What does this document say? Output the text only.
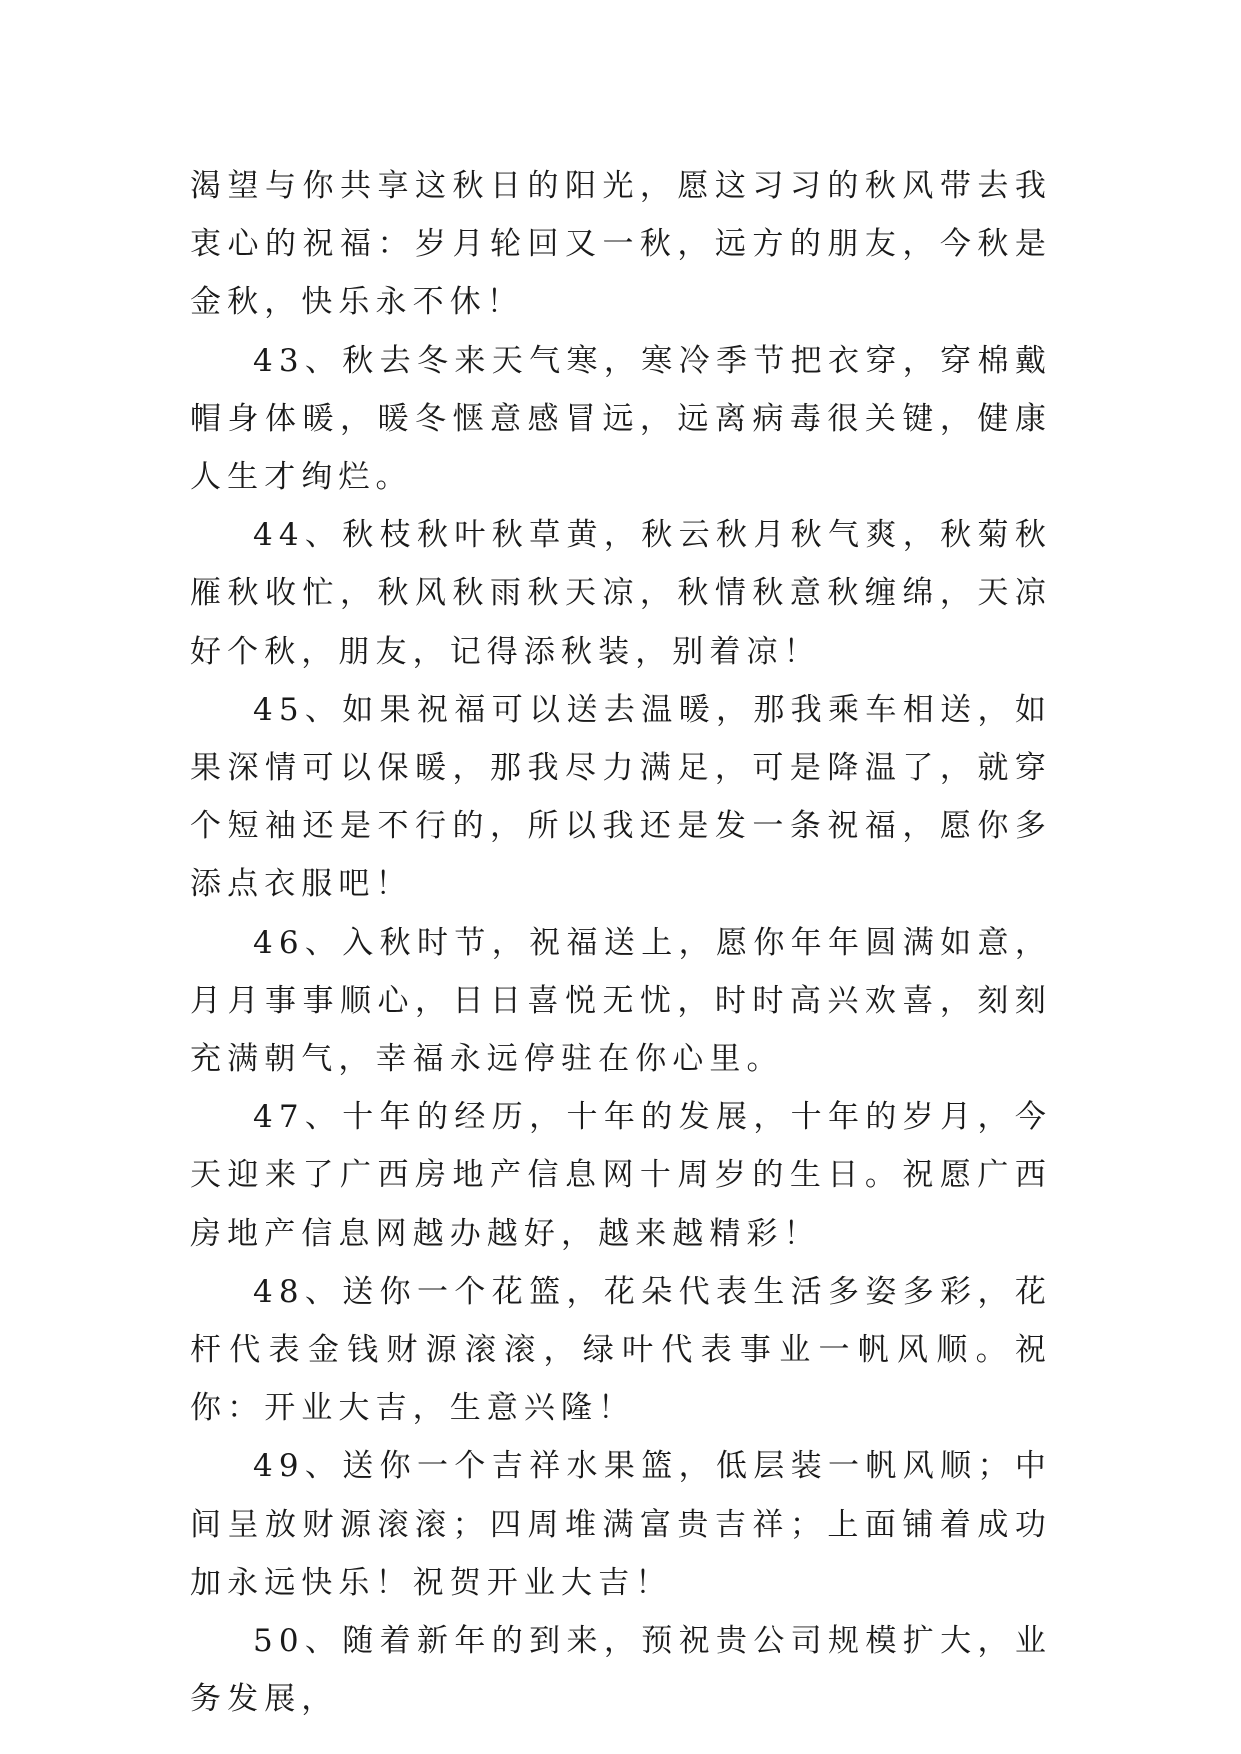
渴望与你共享这秋日的阳光，愿这习习的秋风带去我衷心的祝福：岁月轮回又一秋，远方的朋友，今秋是金秋，快乐永不休！

43、秋去冬来天气寒，寒冷季节把衣穿，穿棉戴帽身体暖，暖冬惬意感冒远，远离病毒很关键，健康人生才绚烂。

44、秋枝秋叶秋草黄，秋云秋月秋气爽，秋菊秋雁秋收忙，秋风秋雨秋天凉，秋情秋意秋缠绵，天凉好个秋，朋友，记得添秋装，别着凉！

45、如果祝福可以送去温暖，那我乘车相送，如果深情可以保暖，那我尽力满足，可是降温了，就穿个短袖还是不行的，所以我还是发一条祝福，愿你多添点衣服吧！

46、入秋时节，祝福送上，愿你年年圆满如意，月月事事顺心，日日喜悦无忧，时时高兴欢喜，刻刻充满朝气，幸福永远停驻在你心里。

47、十年的经历，十年的发展，十年的岁月，今天迎来了广西房地产信息网十周岁的生日。祝愿广西房地产信息网越办越好，越来越精彩！

48、送你一个花篮，花朵代表生活多姿多彩，花杆代表金钱财源滚滚，绿叶代表事业一帆风顺。祝你：开业大吉，生意兴隆！

49、送你一个吉祥水果篮，低层装一帆风顺；中间呈放财源滚滚；四周堆满富贵吉祥；上面铺着成功加永远快乐！祝贺开业大吉！

50、随着新年的到来，预祝贵公司规模扩大，业务发展，
